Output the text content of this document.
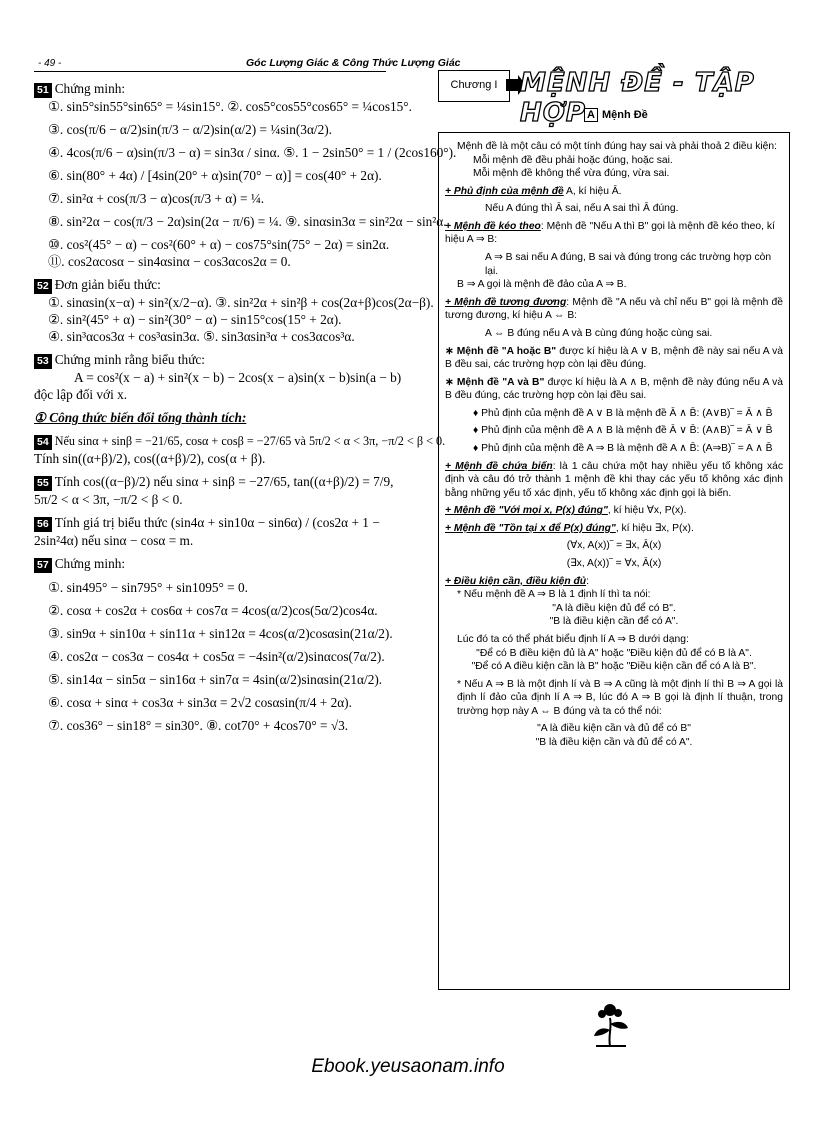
- 49 -	Góc Lượng Giác & Công Thức Lượng Giác

51 Chứng minh:

①. sin5°sin55°sin65° = ¼sin15°. ②. cos5°cos55°cos65° = ¼cos15°.

③. cos(π/6 − α/2)sin(π/3 − α/2)sin(α/2) = ¼sin(3α/2).

④. 4cos(π/6 − α)sin(π/3 − α) = sin3α / sinα. ⑤. 1 − 2sin50° = 1 / (2cos160°).

⑥. sin(80° + 4α) / [4sin(20° + α)sin(70° − α)] = cos(40° + 2α).

⑦. sin²α + cos(π/3 − α)cos(π/3 + α) = ¼.

⑧. sin²2α − cos(π/3 − 2α)sin(2α − π/6) = ¼. ⑨. sinαsin3α = sin²2α − sin²α.

⑩. cos²(45° − α) − cos²(60° + α) − cos75°sin(75° − 2α) = sin2α.

⑪. cos2αcosα − sin4αsinα − cos3αcos2α = 0.

52 Đơn giản biểu thức:

①. sinαsin(x−α) + sin²(x/2−α). ③. sin²2α + sin²β + cos(2α+β)cos(2α−β).

②. sin²(45° + α) − sin²(30° − α) − sin15°cos(15° + 2α).

④. sin³αcos3α + cos³αsin3α. ⑤. sin3αsin³α + cos3αcos³α.

53 Chứng minh rằng biểu thức:

A = cos²(x − a) + sin²(x − b) − 2cos(x − a)sin(x − b)sin(a − b)

độc lập đối với x.

① Công thức biến đổi tổng thành tích:

54 Nếu sinα + sinβ = −21/65, cosα + cosβ = −27/65 và 5π/2 < α < 3π, −π/2 < β < 0.

Tính sin((α+β)/2), cos((α+β)/2), cos(α + β).

55 Tính cos((α−β)/2) nếu sinα + sinβ = −27/65, tan((α+β)/2) = 7/9, 5π/2 < α < 3π, −π/2 < β < 0.

56 Tính giá trị biểu thức (sin4α + sin10α − sin6α) / (cos2α + 1 − 2sin²4α) nếu sinα − cosα = m.

57 Chứng minh:

①. sin495° − sin795° + sin1095° = 0.

②. cosα + cos2α + cos6α + cos7α = 4cos(α/2)cos(5α/2)cos4α.

③. sin9α + sin10α + sin11α + sin12α = 4cos(α/2)cosαsin(21α/2).

④. cos2α − cos3α − cos4α + cos5α = −4sin²(α/2)sinαcos(7α/2).

⑤. sin14α − sin5α − sin16α + sin7α = 4sin(α/2)sinαsin(21α/2).

⑥. cosα + sinα + cos3α + sin3α = 2√2 cosαsin(π/4 + 2α).

⑦. cos36° − sin18° = sin30°. ⑧. cot70° + 4cos70° = √3.

Chương I MỆNH ĐỀ - TẬP HỢP A Mệnh Đề

Mệnh đề là một câu có một tính đúng hay sai và phải thoả 2 điều kiện:

Mỗi mệnh đề đều phải hoặc đúng, hoặc sai.

Mỗi mệnh đề không thể vừa đúng, vừa sai.

+ Phủ định của mệnh đề A, kí hiệu Ā.

Nếu A đúng thì Ā sai, nếu A sai thì Ā đúng.

+ Mệnh đề kéo theo: Mệnh đề "Nếu A thì B" gọi là mệnh đề kéo theo, kí hiệu A ⇒ B:

A ⇒ B sai nếu A đúng, B sai và đúng trong các trường hợp còn lại.

B ⇒ A gọi là mệnh đề đảo của A ⇒ B.

+ Mệnh đề tương đương: Mệnh đề "A nếu và chỉ nếu B" gọi là mệnh đề tương đương, kí hiệu A ⇔ B:

A ⇔ B đúng nếu A và B cùng đúng hoặc cùng sai.

∗ Mệnh đề "A hoặc B" được kí hiệu là A ∨ B, mệnh đề này sai nếu A và B đều sai, các trường hợp còn lại đều đúng.

∗ Mệnh đề "A và B" được kí hiệu là A ∧ B, mệnh đề này đúng nếu A và B đều đúng, các trường hợp còn lại đều sai.

♦ Phủ định của mệnh đề A ∨ B là mệnh đề Ā ∧ B̄: (A∨B)‾ = Ā ∧ B̄

♦ Phủ định của mệnh đề A ∧ B là mệnh đề Ā ∨ B̄: (A∧B)‾ = Ā ∨ B̄

♦ Phủ định của mệnh đề A ⇒ B là mệnh đề A ∧ B̄: (A⇒B)‾ = A ∧ B̄

+ Mệnh đề chứa biến: là 1 câu chứa một hay nhiều yếu tố không xác định và câu đó trở thành 1 mệnh đề khi thay các yếu tố không xác định bằng những yếu tố xác định, yếu tố không xác định gọi là biến.

+ Mệnh đề "Với mọi x, P(x) đúng", kí hiệu ∀x, P(x).

+ Mệnh đề "Tồn tại x để P(x) đúng", kí hiệu ∃x, P(x).

(∀x, A(x))‾ = ∃x, Ā(x)

(∃x, A(x))‾ = ∀x, Ā(x)

+ Điều kiện cần, điều kiện đủ:

* Nếu mệnh đề A ⇒ B là 1 định lí thì ta nói:

"A là điều kiện đủ để có B".

"B là điều kiện cần để có A".

Lúc đó ta có thể phát biểu định lí A ⇒ B dưới dạng:

"Để có B điều kiện đủ là A" hoặc "Điều kiện đủ để có B là A".

"Để có A điều kiện cần là B" hoặc "Điều kiện cần để có A là B".

* Nếu A ⇒ B là một định lí và B ⇒ A cũng là một định lí thì B ⇒ A gọi là định lí đảo của định lí A ⇒ B, lúc đó A ⇒ B gọi là định lí thuận, trong trường hợp này A ⇔ B đúng và ta có thể nói:

"A là điều kiện cần và đủ để có B"

"B là điều kiện cần và đủ để có A".

Ebook.yeusaonam.info
